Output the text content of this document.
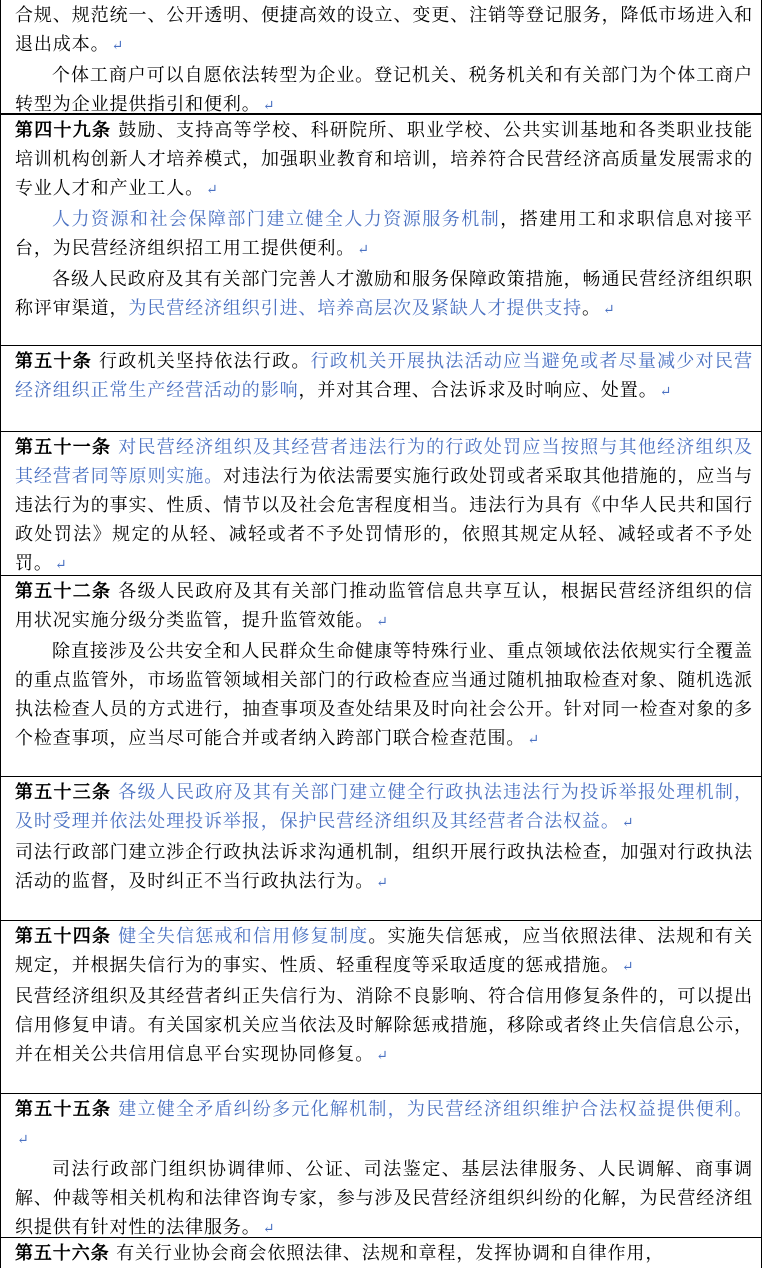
合规、规范统一、公开透明、便捷高效的设立、变更、注销等登记服务，降低市场进入和退出成本。 ↵

个体工商户可以自愿依法转型为企业。登记机关、税务机关和有关部门为个体工商户转型为企业提供指引和便利。 ↵

第四十九条 鼓励、支持高等学校、科研院所、职业学校、公共实训基地和各类职业技能培训机构创新人才培养模式，加强职业教育和培训，培养符合民营经济高质量发展需求的专业人才和产业工人。 ↵

人力资源和社会保障部门建立健全人力资源服务机制，搭建用工和求职信息对接平台，为民营经济组织招工用工提供便利。 ↵

各级人民政府及其有关部门完善人才激励和服务保障政策措施，畅通民营经济组织职称评审渠道，为民营经济组织引进、培养高层次及紧缺人才提供支持。 ↵

第五十条 行政机关坚持依法行政。行政机关开展执法活动应当避免或者尽量减少对民营经济组织正常生产经营活动的影响，并对其合理、合法诉求及时响应、处置。 ↵

第五十一条 对民营经济组织及其经营者违法行为的行政处罚应当按照与其他经济组织及其经营者同等原则实施。对违法行为依法需要实施行政处罚或者采取其他措施的，应当与违法行为的事实、性质、情节以及社会危害程度相当。违法行为具有《中华人民共和国行政处罚法》规定的从轻、减轻或者不予处罚情形的，依照其规定从轻、减轻或者不予处罚。 ↵

第五十二条 各级人民政府及其有关部门推动监管信息共享互认，根据民营经济组织的信用状况实施分级分类监管，提升监管效能。 ↵

除直接涉及公共安全和人民群众生命健康等特殊行业、重点领域依法依规实行全覆盖的重点监管外，市场监管领域相关部门的行政检查应当通过随机抽取检查对象、随机选派执法检查人员的方式进行，抽查事项及查处结果及时向社会公开。针对同一检查对象的多个检查事项，应当尽可能合并或者纳入跨部门联合检查范围。 ↵

第五十三条 各级人民政府及其有关部门建立健全行政执法违法行为投诉举报处理机制，及时受理并依法处理投诉举报，保护民营经济组织及其经营者合法权益。 ↵

司法行政部门建立涉企行政执法诉求沟通机制，组织开展行政执法检查，加强对行政执法活动的监督，及时纠正不当行政执法行为。 ↵

第五十四条 健全失信惩戒和信用修复制度。实施失信惩戒，应当依照法律、法规和有关规定，并根据失信行为的事实、性质、轻重程度等采取适度的惩戒措施。 ↵

民营经济组织及其经营者纠正失信行为、消除不良影响、符合信用修复条件的，可以提出信用修复申请。有关国家机关应当依法及时解除惩戒措施，移除或者终止失信信息公示，并在相关公共信用信息平台实现协同修复。 ↵

第五十五条 建立健全矛盾纠纷多元化解机制，为民营经济组织维护合法权益提供便利。↵

司法行政部门组织协调律师、公证、司法鉴定、基层法律服务、人民调解、商事调解、仲裁等相关机构和法律咨询专家，参与涉及民营经济组织纠纷的化解，为民营经济组织提供有针对性的法律服务。 ↵

第五十六条 有关行业协会商会依照法律、法规和章程，发挥协调和自律作用，
